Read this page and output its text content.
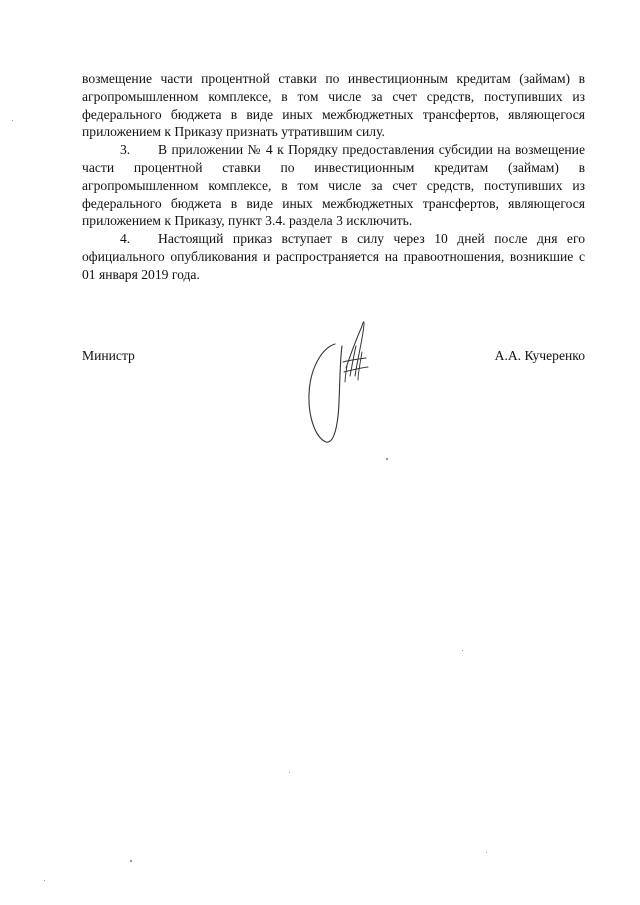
возмещение части процентной ставки по инвестиционным кредитам (займам) в агропромышленном комплексе, в том числе за счет средств, поступивших из федерального бюджета в виде иных межбюджетных трансфертов, являющегося приложением к Приказу признать утратившим силу.

3. В приложении № 4 к Порядку предоставления субсидии на возмещение части процентной ставки по инвестиционным кредитам (займам) в агропромышленном комплексе, в том числе за счет средств, поступивших из федерального бюджета в виде иных межбюджетных трансфертов, являющегося приложением к Приказу, пункт 3.4. раздела 3 исключить.

4. Настоящий приказ вступает в силу через 10 дней после дня его официального опубликования и распространяется на правоотношения, возникшие с 01 января 2019 года.

Министр	А.А. Кучеренко
